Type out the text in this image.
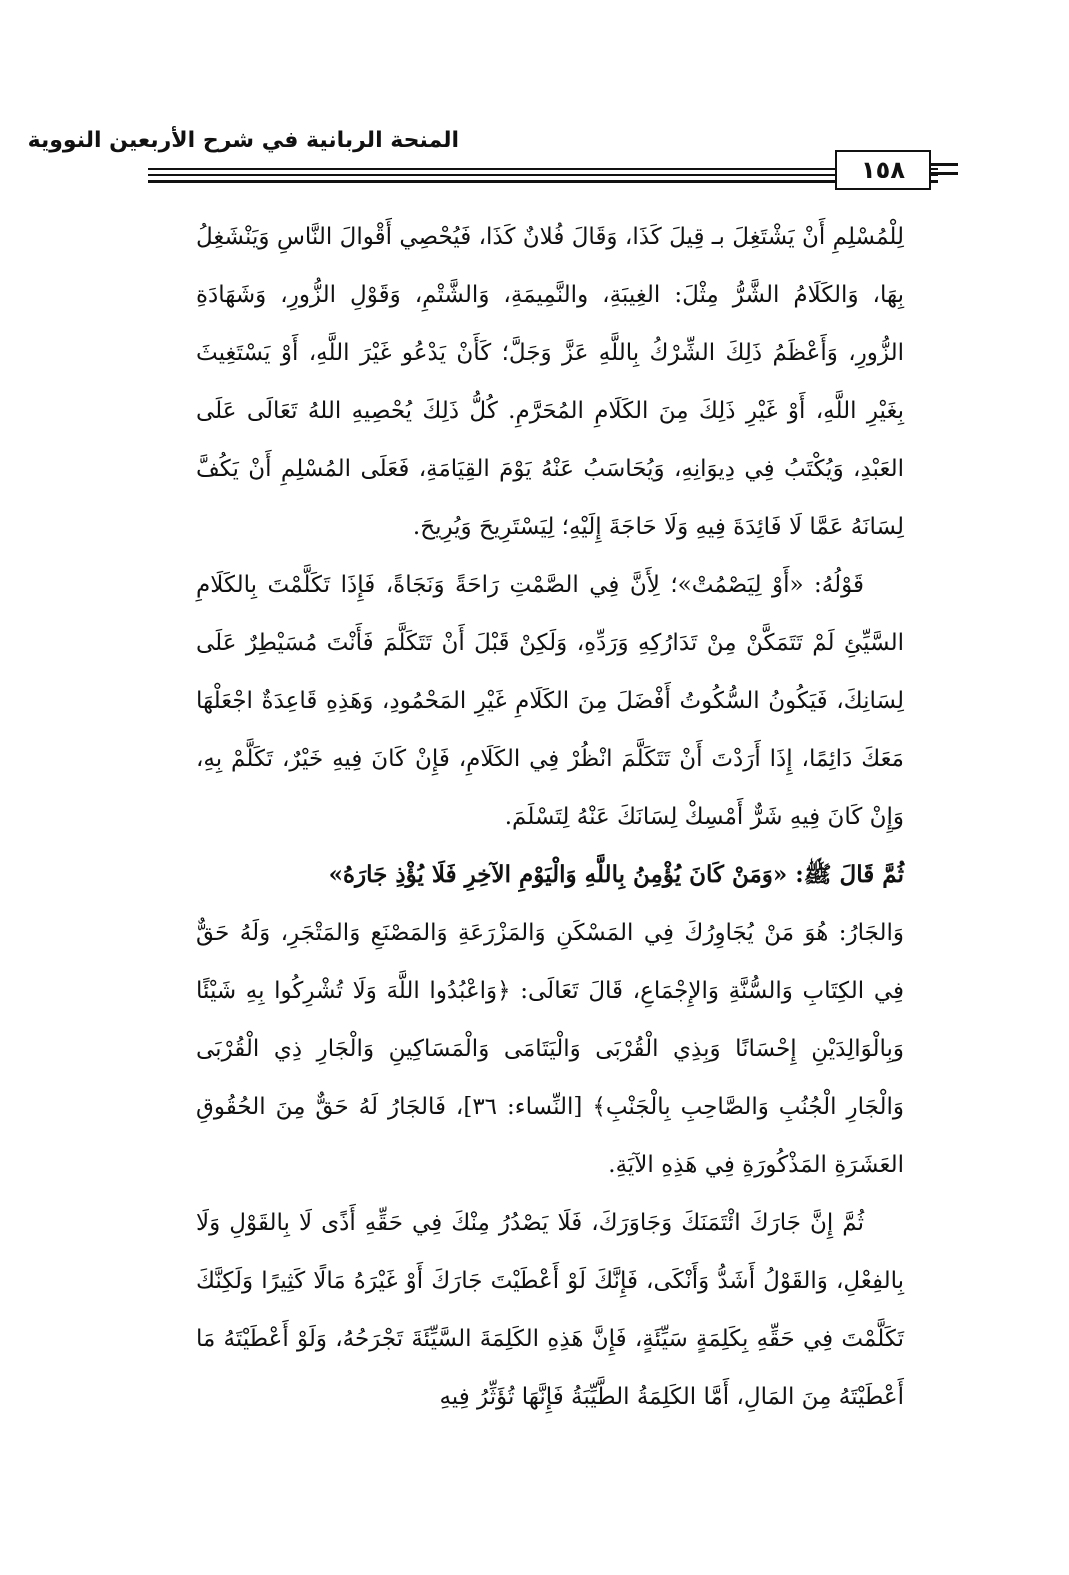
المنحة الربانية في شرح الأربعين النووية
١٥٨

لِلْمُسْلِمِ أَنْ يَشْتَغِلَ بـ قِيلَ كَذَا، وَقَالَ فُلانٌ كَذَا، فَيُحْصِي أَقْوالَ النَّاسِ وَيَنْشَغِلُ بِهَا، وَالكَلَامُ الشَّرُّ مِثْلَ: الغِيبَةِ، والنَّمِيمَةِ، وَالشَّتْمِ، وَقَوْلِ الزُّورِ، وَشَهَادَةِ الزُّورِ، وَأَعْظَمُ ذَلِكَ الشِّرْكُ بِاللَّهِ عَزَّ وَجَلَّ؛ كَأَنْ يَدْعُو غَيْرَ اللَّهِ، أَوْ يَسْتَغِيثَ بِغَيْرِ اللَّهِ، أَوْ غَيْرِ ذَلِكَ مِنَ الكَلَامِ المُحَرَّمِ. كُلُّ ذَلِكَ يُحْصِيهِ اللهُ تَعَالَى عَلَى العَبْدِ، وَيُكْتَبُ فِي دِيوَانِهِ، وَيُحَاسَبُ عَنْهُ يَوْمَ القِيَامَةِ، فَعَلَى المُسْلِمِ أَنْ يَكُفَّ لِسَانَهُ عَمَّا لَا فَائِدَةَ فِيهِ وَلَا حَاجَةَ إِلَيْهِ؛ لِيَسْتَرِيحَ وَيُرِيحَ.

قَوْلُهُ: «أَوْ لِيَصْمُتْ»؛ لِأَنَّ فِي الصَّمْتِ رَاحَةً وَنَجَاةً، فَإِذَا تَكَلَّمْتَ بِالكَلَامِ السَّيِّئِ لَمْ تَتَمَكَّنْ مِنْ تَدَارُكِهِ وَرَدِّهِ، وَلَكِنْ قَبْلَ أَنْ تَتَكَلَّمَ فَأَنْتَ مُسَيْطِرٌ عَلَى لِسَانِكَ، فَيَكُونُ السُّكُوتُ أَفْضَلَ مِنَ الكَلَامِ غَيْرِ المَحْمُودِ، وَهَذِهِ قَاعِدَةٌ اجْعَلْهَا مَعَكَ دَائِمًا، إِذَا أَرَدْتَ أَنْ تَتَكَلَّمَ انْظُرْ فِي الكَلَامِ، فَإِنْ كَانَ فِيهِ خَيْرٌ، تَكَلَّمْ بِهِ، وَإِنْ كَانَ فِيهِ شَرٌّ أَمْسِكْ لِسَانَكَ عَنْهُ لِتَسْلَمَ.

ثُمَّ قَالَ ﷺ: «وَمَنْ كَانَ يُؤْمِنُ بِاللَّهِ وَالْيَوْمِ الآخِرِ فَلَا يُؤْذِ جَارَهُ»

وَالجَارُ: هُوَ مَنْ يُجَاوِرُكَ فِي المَسْكَنِ وَالمَزْرَعَةِ وَالمَصْنَعِ وَالمَتْجَرِ، وَلَهُ حَقٌّ فِي الكِتَابِ وَالسُّنَّةِ وَالإِجْمَاعِ، قَالَ تَعَالَى: ﴿وَاعْبُدُوا اللَّهَ وَلَا تُشْرِكُوا بِهِ شَيْئًا وَبِالْوَالِدَيْنِ إِحْسَانًا وَبِذِي الْقُرْبَى وَالْيَتَامَى وَالْمَسَاكِينِ وَالْجَارِ ذِي الْقُرْبَى وَالْجَارِ الْجُنُبِ وَالصَّاحِبِ بِالْجَنْبِ﴾ [النِّساء: ٣٦]، فَالجَارُ لَهُ حَقٌّ مِنَ الحُقُوقِ العَشَرَةِ المَذْكُورَةِ فِي هَذِهِ الآيَةِ.

ثُمَّ إِنَّ جَارَكَ ائْتَمَنَكَ وَجَاوَرَكَ، فَلَا يَصْدُرُ مِنْكَ فِي حَقِّهِ أَذًى لَا بِالقَوْلِ وَلَا بِالفِعْلِ، وَالقَوْلُ أَشَدُّ وَأَنْكَى، فَإِنَّكَ لَوْ أَعْطَيْتَ جَارَكَ أَوْ غَيْرَهُ مَالًا كَثِيرًا وَلَكِنَّكَ تَكَلَّمْتَ فِي حَقِّهِ بِكَلِمَةٍ سَيِّئَةٍ، فَإِنَّ هَذِهِ الكَلِمَةَ السَّيِّئَةَ تَجْرَحُهُ، وَلَوْ أَعْطَيْتَهُ مَا أَعْطَيْتَهُ مِنَ المَالِ، أَمَّا الكَلِمَةُ الطَّيِّبَةُ فَإِنَّهَا تُؤَثِّرُ فِيهِ
